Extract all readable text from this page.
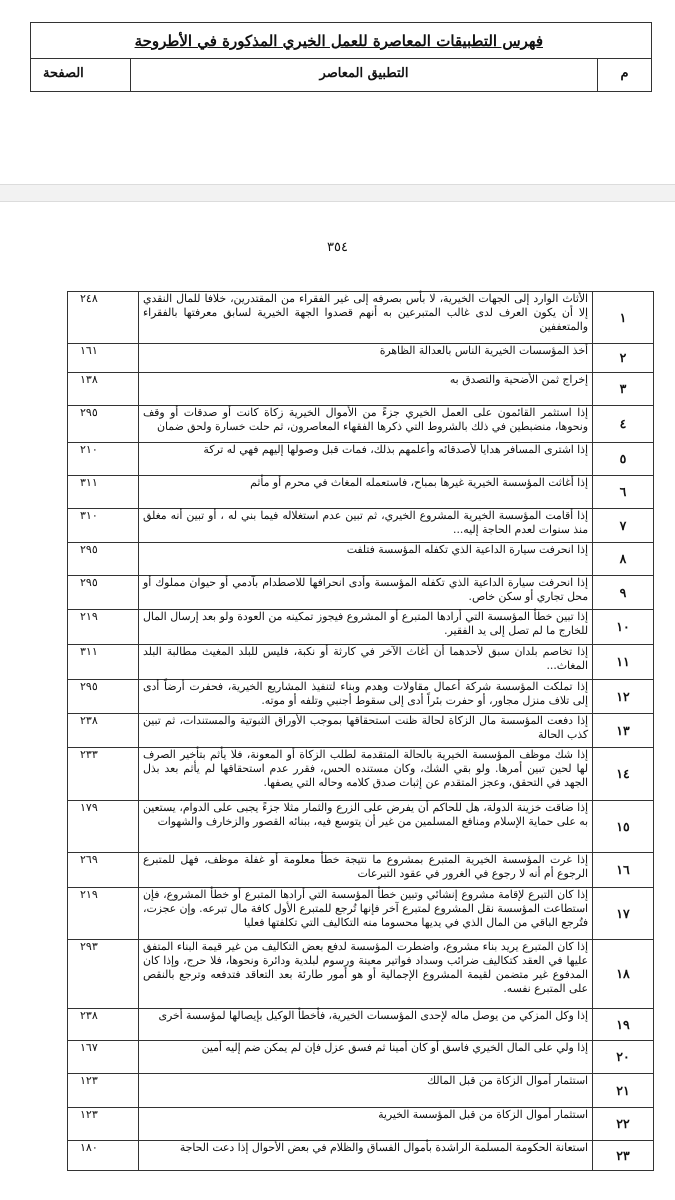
فهرس التطبيقات المعاصرة للعمل الخيري المذكورة في الأطروحة
م
التطبيق المعاصر
الصفحة
٣٥٤
١	الأثاث الوارد إلى الجهات الخيرية، لا بأس بصرفه إلى غير الفقراء من المقتدرين، خلافا للمال النقدي إلا أن يكون العرف لدى غالب المتبرعين به أنهم قصدوا الجهة الخيرية لسابق معرفتها بالفقراء والمتعففين	٢٤٨
٢	أخذ المؤسسات الخيرية الناس بالعدالة الظاهرة	١٦١
٣	إخراج ثمن الأضحية والتصدق به	١٣٨
٤	إذا استثمر القائمون على العمل الخيري جزءً من الأموال الخيرية زكاة كانت أو صدقات أو وقف ونحوها، منضبطين في ذلك بالشروط التي ذكرها الفقهاء المعاصرون، ثم حلت خسارة ولحق ضمان	٢٩٥
٥	إذا اشترى المسافر هدايا لأصدقائه وأعلمهم بذلك، فمات قبل وصولها إليهم فهي له تركة	٢١٠
٦	إذا أغاثت المؤسسة الخيرية غيرها بمباح، فاستعمله المغاث في محرم أو مأثم	٣١١
٧	إذا أقامت المؤسسة الخيرية المشروع الخيري، ثم تبين عدم استغلاله فيما بني له ، أو تبين أنه مغلق منذ سنوات لعدم الحاجة إليه...	٣١٠
٨	إذا انحرفت سيارة الداعية الذي تكفله المؤسسة فتلفت	٢٩٥
٩	إذا انحرفت سيارة الداعية الذي تكفله المؤسسة وأدى انحرافها للاصطدام بآدمي أو حيوان مملوك أو محل تجاري أو سكن خاص.	٢٩٥
١٠	إذا تبين خطأ المؤسسة التي أرادها المتبرع أو المشروع فيجوز تمكينه من العودة ولو بعد إرسال المال للخارج ما لم تصل إلى يد الفقير.	٢١٩
١١	إذا تخاصم بلدان سبق لأحدهما أن أغاث الآخر في كارثة أو نكبة، فليس للبلد المغيث مطالبة البلد المغاث...	٣١١
١٢	إذا تملكت المؤسسة شركة أعمال مقاولات وهدم وبناء لتنفيذ المشاريع الخيرية، فحفرت أرضاً أدى إلى تلاف منزل مجاور، أو حفرت بئراً أدى إلى سقوط أجنبي وتلفه أو موته.	٢٩٥
١٣	إذا دفعت المؤسسة مال الزكاة لحالة ظنت استحقاقها بموجب الأوراق الثبوتية والمستندات، ثم تبين كذب الحالة	٢٣٨
١٤	إذا شك موظف المؤسسة الخيرية بالحالة المتقدمة لطلب الزكاة أو المعونة، فلا يأثم بتأخير الصرف لها لحين تبين أمرها. ولو بقي الشك، وكان مستنده الحس، فقرر عدم استحقاقها لم يأثم بعد بذل الجهد في التحقق، وعجز المتقدم عن إثبات صدق كلامه وحاله التي يصفها.	٢٣٣
١٥	إذا ضاقت خزينة الدولة، هل للحاكم أن يفرض على الزرع والثمار مثلا جزءً يجبى على الدوام، يستعين به على حماية الإسلام ومنافع المسلمين من غير أن يتوسع فيه، ببنائه القصور والزخارف والشهوات	١٧٩
١٦	إذا غرت المؤسسة الخيرية المتبرع بمشروع ما نتيجة خطأ معلومة أو غفلة موظف، فهل للمتبرع الرجوع أم أنه لا رجوع في الغرور في عقود التبرعات	٢٦٩
١٧	إذا كان التبرع لإقامة مشروع إنشائي وتبين خطأ المؤسسة التي أرادها المتبرع أو خطأ المشروع، فإن استطاعت المؤسسة نقل المشروع لمتبرع آخر فإنها تُرجع للمتبرع الأول كافة مال تبرعه. وإن عجزت، فتُرجع الباقي من المال الذي في يديها محسوما منه التكاليف التي تكلفتها فعليا	٢١٩
١٨	إذا كان المتبرع يريد بناء مشروع، واضطرت المؤسسة لدفع بعض التكاليف من غير قيمة البناء المتفق عليها في العقد كتكاليف ضرائب وسداد فواتير معينة ورسوم لبلدية ودائرة ونحوها، فلا حرج، وإذا كان المدفوع غير متضمن لقيمة المشروع الإجمالية أو هو أمور طارئة بعد التعاقد فتدفعه وترجع بالنقص على المتبرع نفسه.	٢٩٣
١٩	إذا وكل المزكي من يوصل ماله لإحدى المؤسسات الخيرية، فأخطأ الوكيل بإيصالها لمؤسسة أخرى	٢٣٨
٢٠	إذا ولي على المال الخيري فاسق أو كان أمينا ثم فسق عزل فإن لم يمكن ضم إليه أمين	١٦٧
٢١	استثمار أموال الزكاة من قبل المالك	١٢٣
٢٢	استثمار أموال الزكاة من قبل المؤسسة الخيرية	١٢٣
٢٣	استعانة الحكومة المسلمة الراشدة بأموال الفساق والظلام في بعض الأحوال إذا دعت الحاجة	١٨٠
